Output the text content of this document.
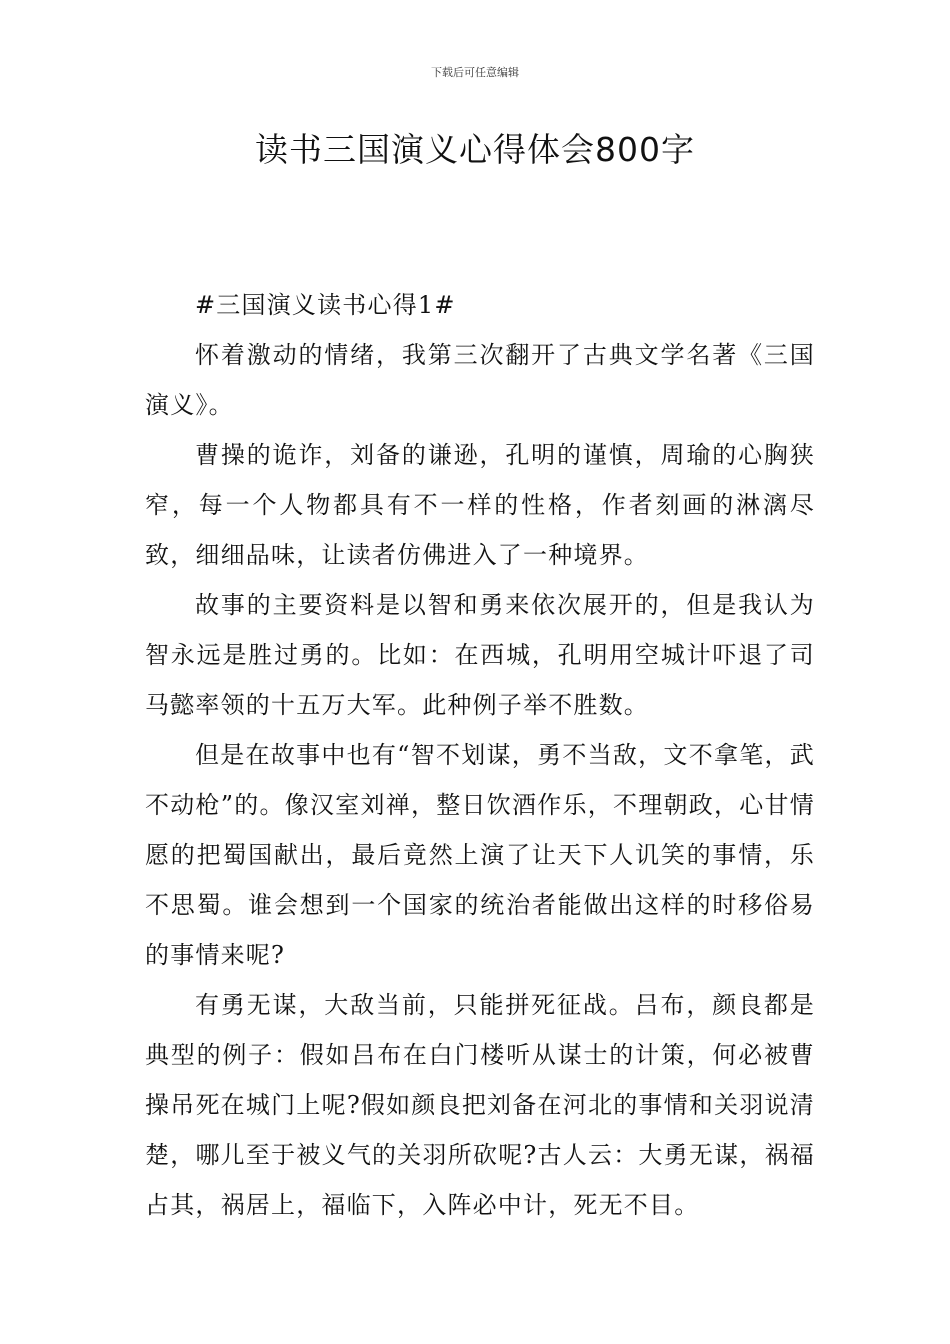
下载后可任意编辑
读书三国演义心得体会800字

#三国演义读书心得1#

怀着激动的情绪，我第三次翻开了古典文学名著《三国演义》。

曹操的诡诈，刘备的谦逊，孔明的谨慎，周瑜的心胸狭窄，每一个人物都具有不一样的性格，作者刻画的淋漓尽致，细细品味，让读者仿佛进入了一种境界。

故事的主要资料是以智和勇来依次展开的，但是我认为智永远是胜过勇的。比如：在西城，孔明用空城计吓退了司马懿率领的十五万大军。此种例子举不胜数。

但是在故事中也有“智不划谋，勇不当敌，文不拿笔，武不动枪”的。像汉室刘禅，整日饮酒作乐，不理朝政，心甘情愿的把蜀国献出，最后竟然上演了让天下人讥笑的事情，乐不思蜀。谁会想到一个国家的统治者能做出这样的时移俗易的事情来呢?

有勇无谋，大敌当前，只能拼死征战。吕布，颜良都是典型的例子：假如吕布在白门楼听从谋士的计策，何必被曹操吊死在城门上呢?假如颜良把刘备在河北的事情和关羽说清楚，哪儿至于被义气的关羽所砍呢?古人云：大勇无谋，祸福占其，祸居上，福临下，入阵必中计，死无不目。
